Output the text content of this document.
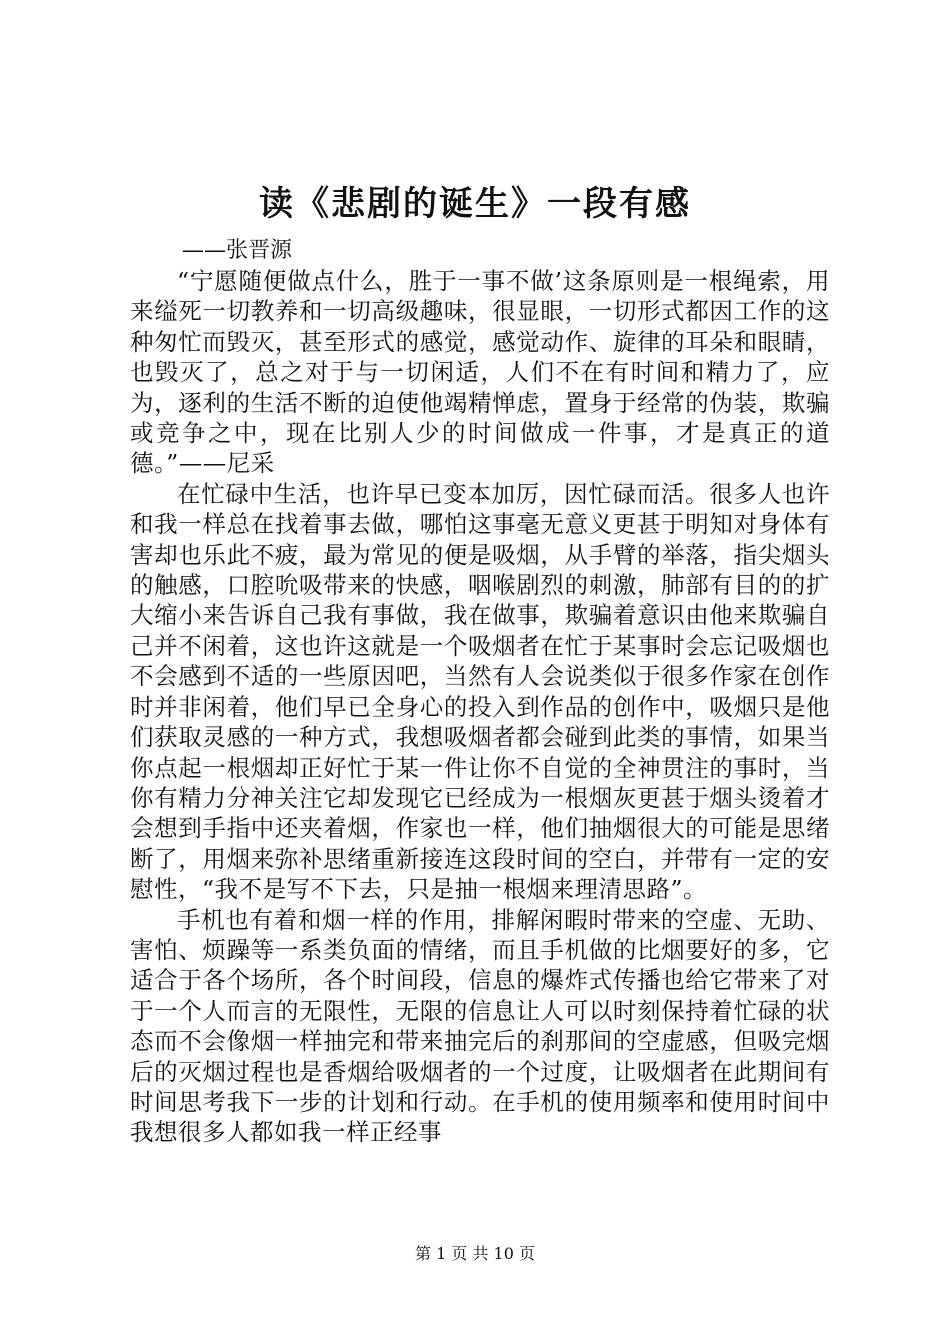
读《悲剧的诞生》一段有感
——张晋源

“宁愿随便做点什么，胜于一事不做’这条原则是一根绳索，用来缢死一切教养和一切高级趣味，很显眼，一切形式都因工作的这种匆忙而毁灭，甚至形式的感觉，感觉动作、旋律的耳朵和眼睛，也毁灭了，总之对于与一切闲适，人们不在有时间和精力了，应为，逐利的生活不断的迫使他竭精惮虑，置身于经常的伪装，欺骗或竞争之中，现在比别人少的时间做成一件事，才是真正的道德。”——尼采

在忙碌中生活，也许早已变本加厉，因忙碌而活。很多人也许和我一样总在找着事去做，哪怕这事毫无意义更甚于明知对身体有害却也乐此不疲，最为常见的便是吸烟，从手臂的举落，指尖烟头的触感，口腔吮吸带来的快感，咽喉剧烈的刺激，肺部有目的的扩大缩小来告诉自己我有事做，我在做事，欺骗着意识由他来欺骗自己并不闲着，这也许这就是一个吸烟者在忙于某事时会忘记吸烟也不会感到不适的一些原因吧，当然有人会说类似于很多作家在创作时并非闲着，他们早已全身心的投入到作品的创作中，吸烟只是他们获取灵感的一种方式，我想吸烟者都会碰到此类的事情，如果当你点起一根烟却正好忙于某一件让你不自觉的全神贯注的事时，当你有精力分神关注它却发现它已经成为一根烟灰更甚于烟头烫着才会想到手指中还夹着烟，作家也一样，他们抽烟很大的可能是思绪断了，用烟来弥补思绪重新接连这段时间的空白，并带有一定的安慰性，“我不是写不下去，只是抽一根烟来理清思路”。

手机也有着和烟一样的作用，排解闲暇时带来的空虚、无助、害怕、烦躁等一系类负面的情绪，而且手机做的比烟要好的多，它适合于各个场所，各个时间段，信息的爆炸式传播也给它带来了对于一个人而言的无限性，无限的信息让人可以时刻保持着忙碌的状态而不会像烟一样抽完和带来抽完后的刹那间的空虚感，但吸完烟后的灭烟过程也是香烟给吸烟者的一个过度，让吸烟者在此期间有时间思考我下一步的计划和行动。在手机的使用频率和使用时间中我想很多人都如我一样正经事

第 1 页 共 10 页
